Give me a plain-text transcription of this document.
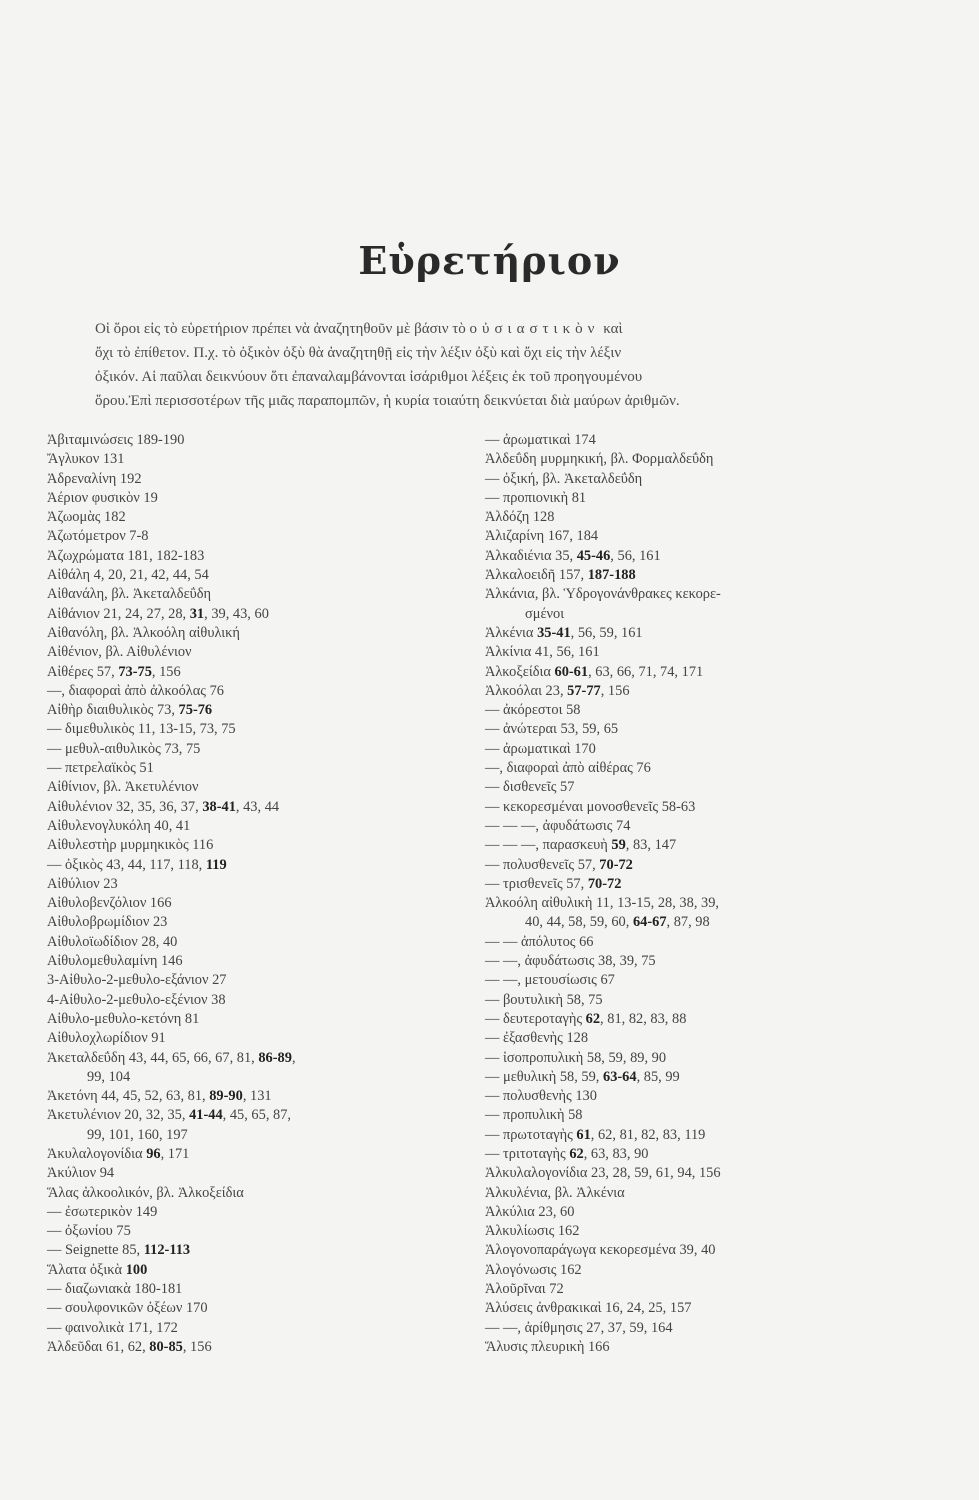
Εὑρετήριον
Οἱ ὅροι εἰς τὸ εὑρετήριον πρέπει νὰ ἀναζητηθοῦν μὲ βάσιν τὸ οὐσιαστικὸν καὶ
ὄχι τὸ ἐπίθετον. Π.χ. τὸ ὀξικὸν ὀξὺ θὰ ἀναζητηθῇ εἰς τὴν λέξιν ὀξὺ καὶ ὄχι εἰς τὴν λέξιν
ὀξικόν. Αἱ παῦλαι δεικνύουν ὅτι ἐπαναλαμβάνονται ἰσάριθμοι λέξεις ἐκ τοῦ προηγουμένου
ὅρου.Ἐπὶ περισσοτέρων τῆς μιᾶς παραπομπῶν, ἡ κυρία τοιαύτη δεικνύεται διὰ μαύρων ἀριθμῶν.
Ἀβιταμινώσεις 189-190
Ἄγλυκον 131
Ἀδρεναλίνη 192
Ἀέριον φυσικὸν 19
Ἀζωομὰς 182
Ἀζωτόμετρον 7-8
Ἀζωχρώματα 181, 182-183
Αἰθάλη 4, 20, 21, 42, 44, 54
Αἰθανάλη, βλ. Ἀκεταλδεΰδη
Αἰθάνιον 21, 24, 27, 28, 31, 39, 43, 60
Αἰθανόλη, βλ. Ἀλκοόλη αἰθυλική
Αἰθένιον, βλ. Αἰθυλένιον
Αἰθέρες 57, 73-75, 156
—, διαφοραὶ ἀπὸ ἀλκοόλας 76
Αἰθὴρ διαιθυλικὸς 73, 75-76
— διμεθυλικὸς 11, 13-15, 73, 75
— μεθυλ-αιθυλικὸς 73, 75
— πετρελαϊκὸς 51
Αἰθίνιον, βλ. Ἀκετυλένιον
Αἰθυλένιον 32, 35, 36, 37, 38-41, 43, 44
Αἰθυλενογλυκόλη 40, 41
Αἰθυλεστὴρ μυρμηκικὸς 116
— ὀξικὸς 43, 44, 117, 118, 119
Αἰθύλιον 23
Αἰθυλοβενζόλιον 166
Αἰθυλοβρωμίδιον 23
Αἰθυλοϊωδίδιον 28, 40
Αἰθυλομεθυλαμίνη 146
3-Αἰθυλο-2-μεθυλο-εξάνιον 27
4-Αἰθυλο-2-μεθυλο-εξένιον 38
Αἰθυλο-μεθυλο-κετόνη 81
Αἰθυλοχλωρίδιον 91
Ἀκεταλδεΰδη 43, 44, 65, 66, 67, 81, 86-89,
99, 104
Ἀκετόνη 44, 45, 52, 63, 81, 89-90, 131
Ἀκετυλένιον 20, 32, 35, 41-44, 45, 65, 87,
99, 101, 160, 197
Ἀκυλαλογονίδια 96, 171
Ἀκύλιον 94
Ἅλας ἀλκοολικόν, βλ. Ἀλκοξείδια
— ἐσωτερικὸν 149
— ὀξωνίου 75
— Seignette 85, 112-113
Ἅλατα ὀξικὰ 100
— διαζωνιακὰ 180-181
— σουλφονικῶν ὀξέων 170
— φαινολικὰ 171, 172
Ἀλδεῦδαι 61, 62, 80-85, 156
— ἀρωματικαὶ 174
Ἀλδεΰδη μυρμηκική, βλ. Φορμαλδεΰδη
— ὀξική, βλ. Ἀκεταλδεΰδη
— προπιονικὴ 81
Ἀλδόζη 128
Ἀλιζαρίνη 167, 184
Ἀλκαδιένια 35, 45-46, 56, 161
Ἀλκαλοειδῆ 157, 187-188
Ἀλκάνια, βλ. Ὑδρογονάνθρακες κεκορε-
σμένοι
Ἀλκένια 35-41, 56, 59, 161
Ἀλκίνια 41, 56, 161
Ἀλκοξείδια 60-61, 63, 66, 71, 74, 171
Ἀλκοόλαι 23, 57-77, 156
— ἀκόρεστοι 58
— ἀνώτεραι 53, 59, 65
— ἀρωματικαὶ 170
—, διαφοραὶ ἀπὸ αἰθέρας 76
— δισθενεῖς 57
— κεκορεσμέναι μονοσθενεῖς 58-63
— — —, ἀφυδάτωσις 74
— — —, παρασκευὴ 59, 83, 147
— πολυσθενεῖς 57, 70-72
— τρισθενεῖς 57, 70-72
Ἀλκοόλη αἰθυλικὴ 11, 13-15, 28, 38, 39,
40, 44, 58, 59, 60, 64-67, 87, 98
— — ἀπόλυτος 66
— —, ἀφυδάτωσις 38, 39, 75
— —, μετουσίωσις 67
— βουτυλικὴ 58, 75
— δευτεροταγὴς 62, 81, 82, 83, 88
— ἐξασθενὴς 128
— ἰσοπροπυλικὴ 58, 59, 89, 90
— μεθυλικὴ 58, 59, 63-64, 85, 99
— πολυσθενὴς 130
— προπυλικὴ 58
— πρωτοταγὴς 61, 62, 81, 82, 83, 119
— τριτοταγὴς 62, 63, 83, 90
Ἀλκυλαλογονίδια 23, 28, 59, 61, 94, 156
Ἀλκυλένια, βλ. Ἀλκένια
Ἀλκύλια 23, 60
Ἀλκυλίωσις 162
Ἀλογονοπαράγωγα κεκορεσμένα 39, 40
Ἀλογόνωσις 162
Ἀλοῦρῖναι 72
Ἀλύσεις ἀνθρακικαὶ 16, 24, 25, 157
— —, ἀρίθμησις 27, 37, 59, 164
Ἅλυσις πλευρικὴ 166
